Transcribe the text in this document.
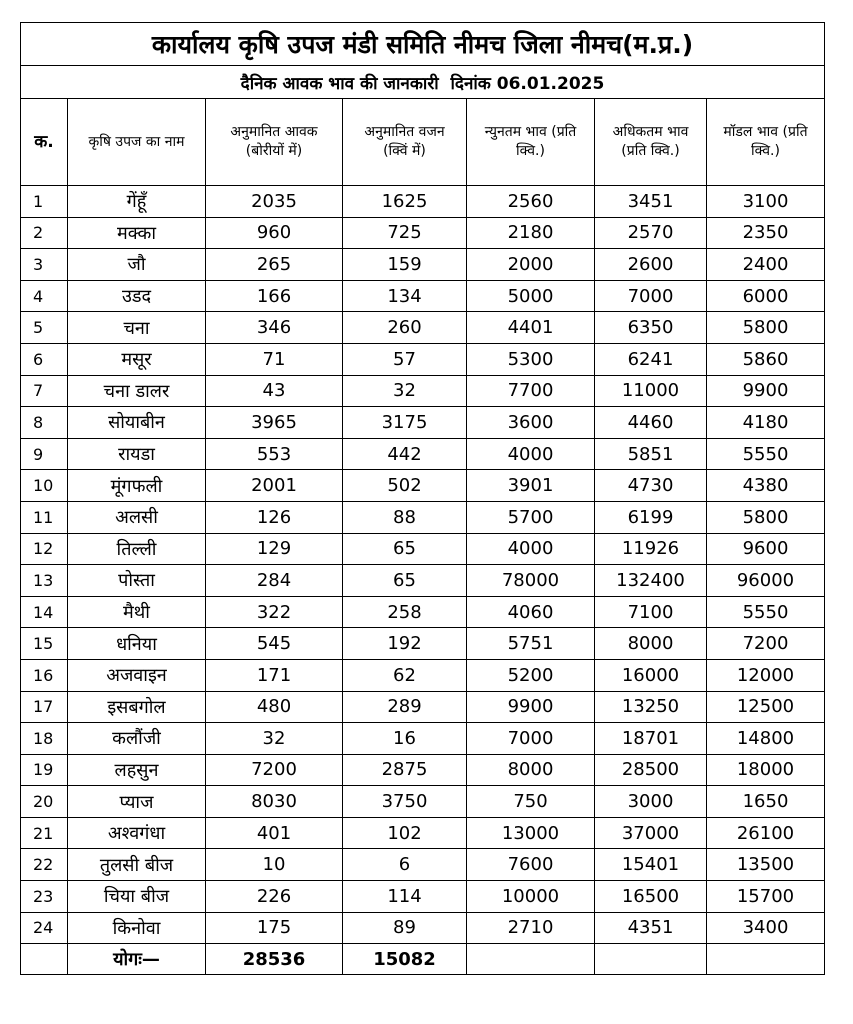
कार्यालय कृषि उपज मंडी समिति नीमच जिला नीमच(म.प्र.)						
दैनिक आवक भाव की जानकारी  दिनांक 06.01.2025						
क.	कृषि उपज का नाम	अनुमानित आवक (बोरीयों में)	अनुमानित वजन (क्विं में)	न्युनतम भाव (प्रति क्वि.)	अधिकतम भाव (प्रति क्वि.)	मॉडल भाव (प्रति क्वि.)
1	गेंहूँ	2035	1625	2560	3451	3100
2	मक्का	960	725	2180	2570	2350
3	जौ	265	159	2000	2600	2400
4	उडद	166	134	5000	7000	6000
5	चना	346	260	4401	6350	5800
6	मसूर	71	57	5300	6241	5860
7	चना डालर	43	32	7700	11000	9900
8	सोयाबीन	3965	3175	3600	4460	4180
9	रायडा	553	442	4000	5851	5550
10	मूंगफली	2001	502	3901	4730	4380
11	अलसी	126	88	5700	6199	5800
12	तिल्ली	129	65	4000	11926	9600
13	पोस्ता	284	65	78000	132400	96000
14	मैथी	322	258	4060	7100	5550
15	धनिया	545	192	5751	8000	7200
16	अजवाइन	171	62	5200	16000	12000
17	इसबगोल	480	289	9900	13250	12500
18	कलौंजी	32	16	7000	18701	14800
19	लहसुन	7200	2875	8000	28500	18000
20	प्याज	8030	3750	750	3000	1650
21	अश्वगंधा	401	102	13000	37000	26100
22	तुलसी बीज	10	6	7600	15401	13500
23	चिया बीज	226	114	10000	16500	15700
24	किनोवा	175	89	2710	4351	3400
	योगः—	28536	15082			
